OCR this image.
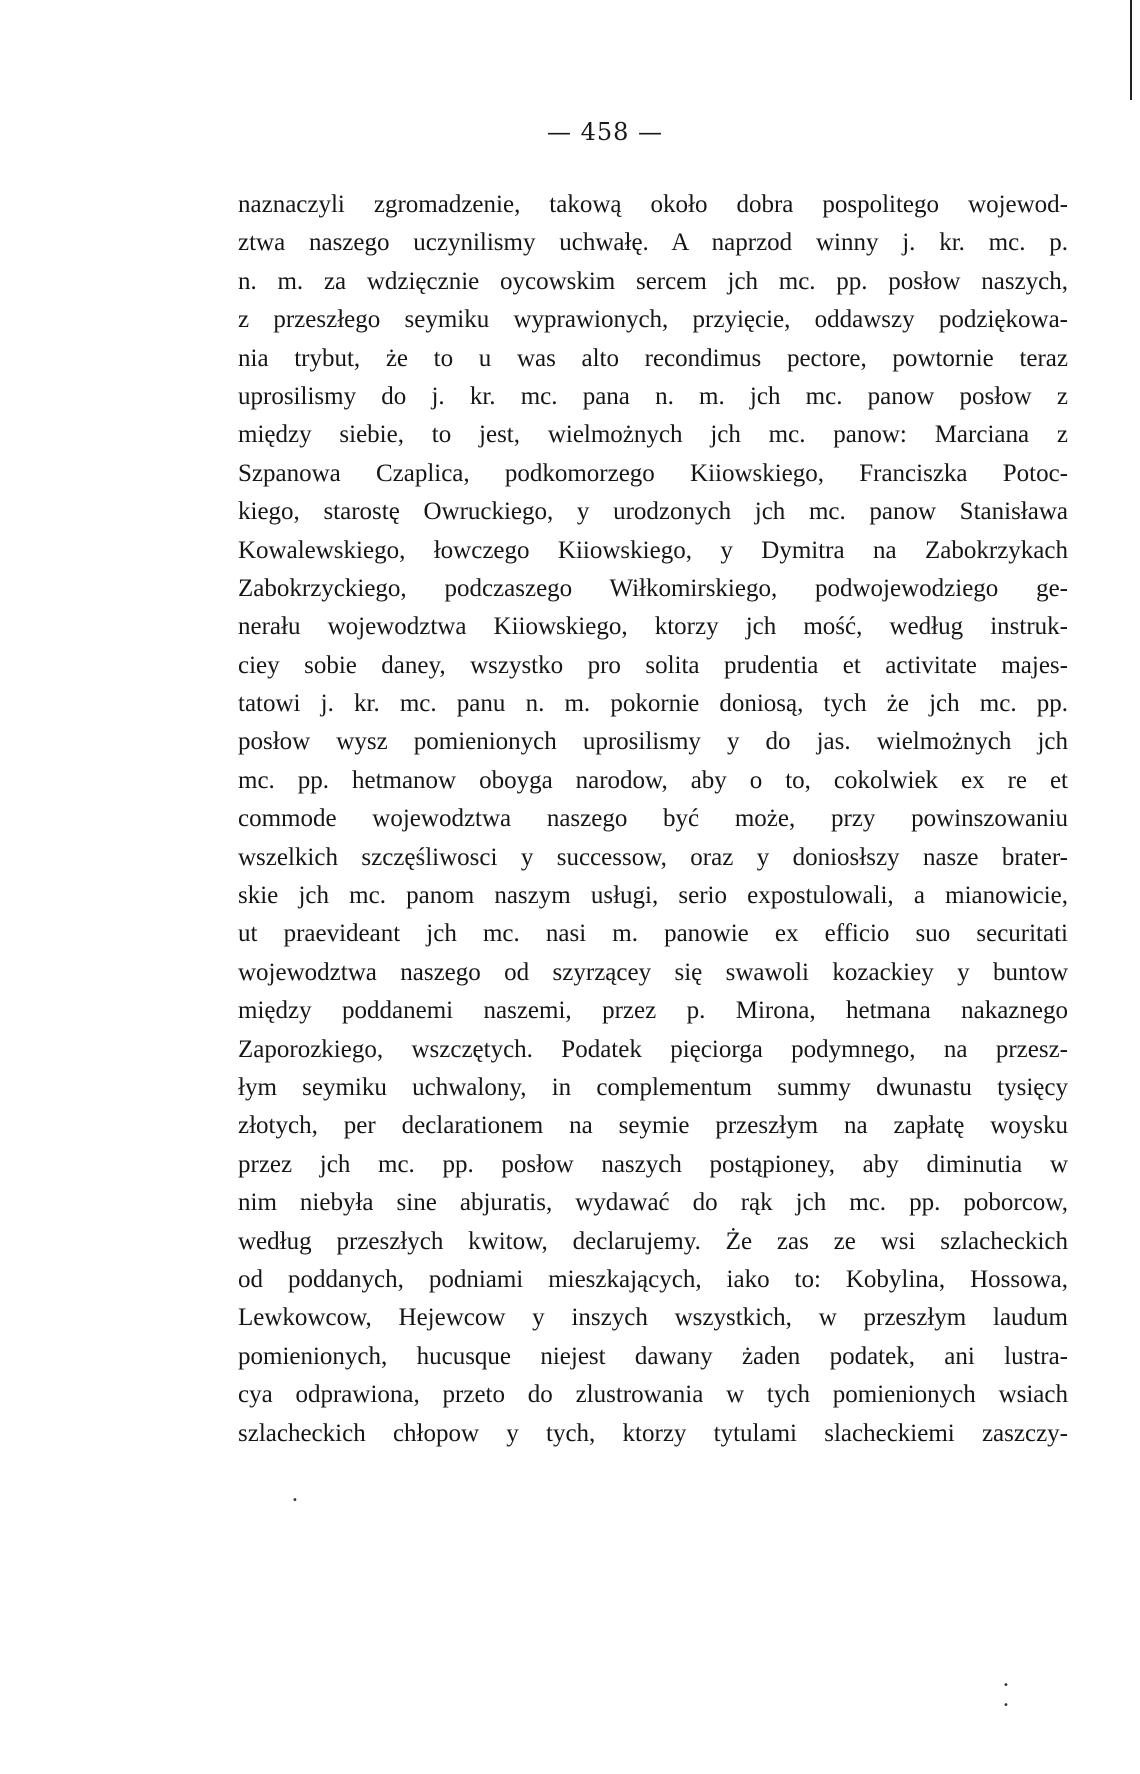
— 458 —
naznaczyli zgromadzenie, takową około dobra pospolitego wojewod-
ztwa naszego uczynilismy uchwałę. A naprzod winny j. kr. mc. p.
n. m. za wdzięcznie oycowskim sercem jch mc. pp. posłow naszych,
z przeszłego seymiku wyprawionych, przyięcie, oddawszy podziękowa-
nia trybut, że to u was alto recondimus pectore, powtornie teraz
uprosilismy do j. kr. mc. pana n. m. jch mc. panow posłow z
między siebie, to jest, wielmożnych jch mc. panow: Marciana z
Szpanowa Czaplica, podkomorzego Kiiowskiego, Franciszka Potoc-
kiego, starostę Owruckiego, y urodzonych jch mc. panow Stanisława
Kowalewskiego, łowczego Kiiowskiego, y Dymitra na Zabokrzykach
Zabokrzyckiego, podczaszego Wiłkomirskiego, podwojewodziego ge-
nerału wojewodztwa Kiiowskiego, ktorzy jch mość, według instruk-
ciey sobie daney, wszystko pro solita prudentia et activitate majes-
tatowi j. kr. mc. panu n. m. pokornie doniosą, tych że jch mc. pp.
posłow wysz pomienionych uprosilismy y do jas. wielmożnych jch
mc. pp. hetmanow oboyga narodow, aby o to, cokolwiek ex re et
commode wojewodztwa naszego być może, przy powinszowaniu
wszelkich szczęśliwosci y successow, oraz y doniosłszy nasze brater-
skie jch mc. panom naszym usługi, serio expostulowali, a mianowicie,
ut praevideant jch mc. nasi m. panowie ex efficio suo securitati
wojewodztwa naszego od szyrzącey się swawoli kozackiey y buntow
między poddanemi naszemi, przez p. Mirona, hetmana nakaznego
Zaporozkiego, wszczętych. Podatek pięciorga podymnego, na przesz-
łym seymiku uchwalony, in complementum summy dwunastu tysięcy
złotych, per declarationem na seymie przeszłym na zapłatę woysku
przez jch mc. pp. posłow naszych postąpioney, aby diminutia w
nim niebyła sine abjuratis, wydawać do rąk jch mc. pp. poborcow,
według przeszłych kwitow, declarujemy. Że zas ze wsi szlacheckich
od poddanych, podniami mieszkających, iako to: Kobylina, Hossowa,
Lewkowcow, Hejewcow y inszych wszystkich, w przeszłym laudum
pomienionych, hucusque niejest dawany żaden podatek, ani lustra-
cya odprawiona, przeto do zlustrowania w tych pomienionych wsiach
szlacheckich chłopow y tych, ktorzy tytulami slacheckiemi zaszczy-
•
•
•
